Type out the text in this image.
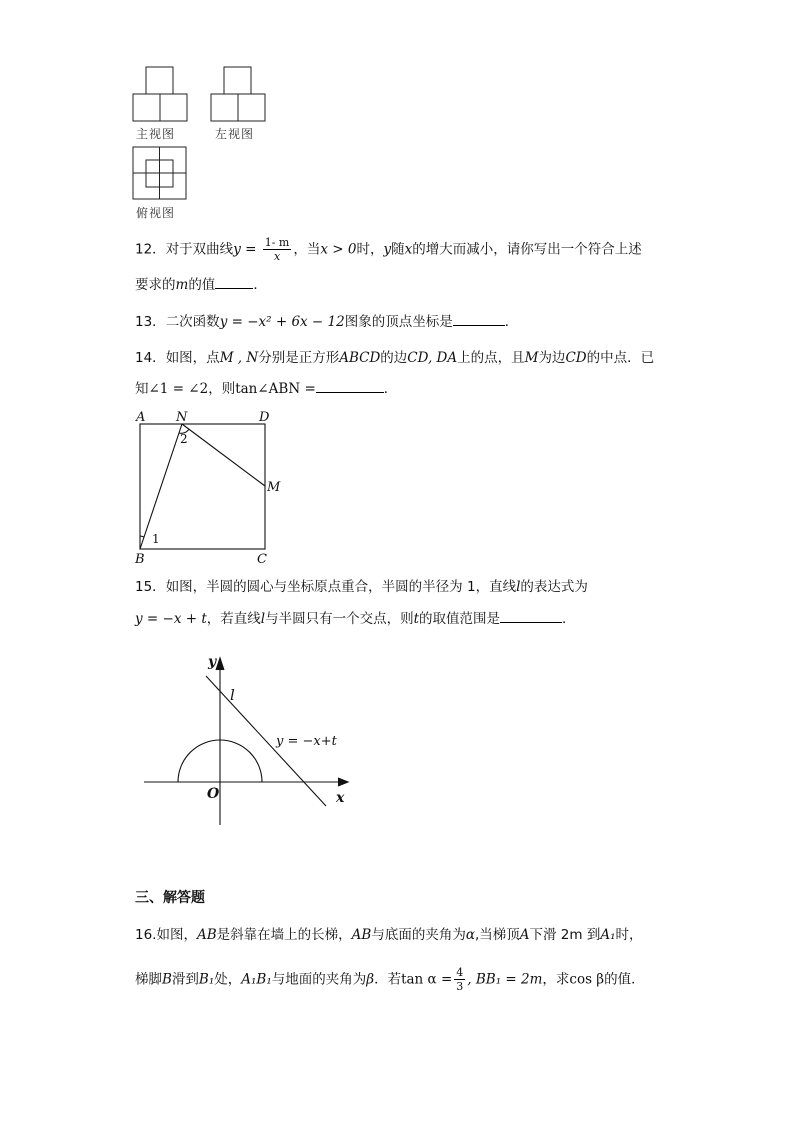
主视图	左视图
俯视图
12．对于双曲线$y = \frac{1- m}{x}$ ，当x > 0时，y随x的增大而减小，请你写出一个符合上述
要求的m的值	．
13．二次函数y = −x² + 6x − 12图象的顶点坐标是	．
14．如图，点M , N分别是正方形ABCD的边CD, DA上的点，且M为边CD的中点．已
知∠1 = ∠2，则tan∠ABN =	．
A N	D
M
B	C
1
2
15．如图，半圆的圆心与坐标原点重合，半圆的半径为 1，直线l的表达式为
y = −x + t，若直线l与半圆只有一个交点，则t的取值范围是	．
y
x
O
l
y = −x+t
三、解答题
16.如图，AB是斜靠在墙上的长梯，AB与底面的夹角为α,当梯顶A下滑 2m 到A₁时，
梯脚B滑到B₁处，A₁B₁与地面的夹角为β．若$\tan \alpha = \frac{4}{3}$ , BB₁ = 2m，求cos β的值．
